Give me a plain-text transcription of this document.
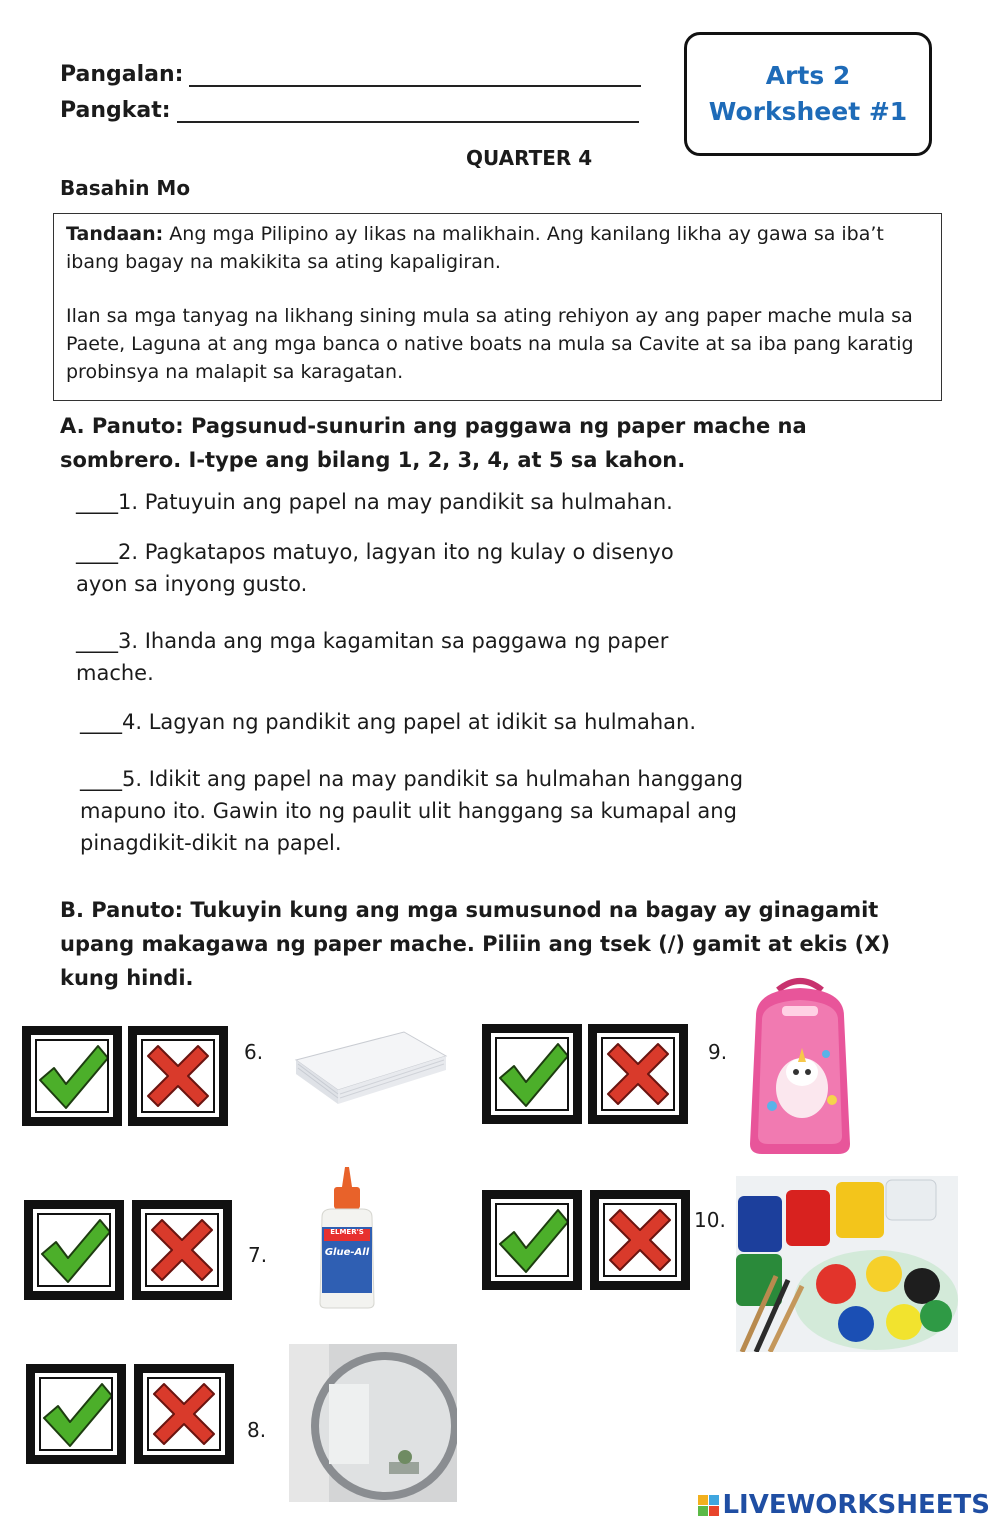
Pangalan:
Pangkat:
Arts 2
Worksheet #1
QUARTER 4
Basahin Mo

Tandaan: Ang mga Pilipino ay likas na malikhain. Ang kanilang likha ay gawa sa iba’t ibang bagay na makikita sa ating kapaligiran.

Ilan sa mga tanyag na likhang sining mula sa ating rehiyon ay ang paper mache mula sa Paete, Laguna at ang mga banca o native boats na mula sa Cavite at sa iba pang karatig probinsya na malapit sa karagatan.

A. Panuto: Pagsunud-sunurin ang paggawa ng paper mache na
sombrero. I-type ang bilang 1, 2, 3, 4, at 5 sa kahon.
____1. Patuyuin ang papel na may pandikit sa hulmahan.
____2. Pagkatapos matuyo, lagyan ito ng kulay o disenyo
ayon sa inyong gusto.
____3. Ihanda ang mga kagamitan sa paggawa ng paper
mache.
____4. Lagyan ng pandikit ang papel at idikit sa hulmahan.
____5. Idikit ang papel na may pandikit sa hulmahan hanggang
mapuno ito. Gawin ito ng paulit ulit hanggang sa kumapal ang
pinagdikit-dikit na papel.
B. Panuto: Tukuyin kung ang mga sumusunod na bagay ay ginagamit
upang makagawa ng paper mache. Piliin ang tsek (/) gamit at ekis (X)
kung hindi.
6.
7.
8.
9.
10.
ELMER'S
Glue-All
LIVEWORKSHEETS
